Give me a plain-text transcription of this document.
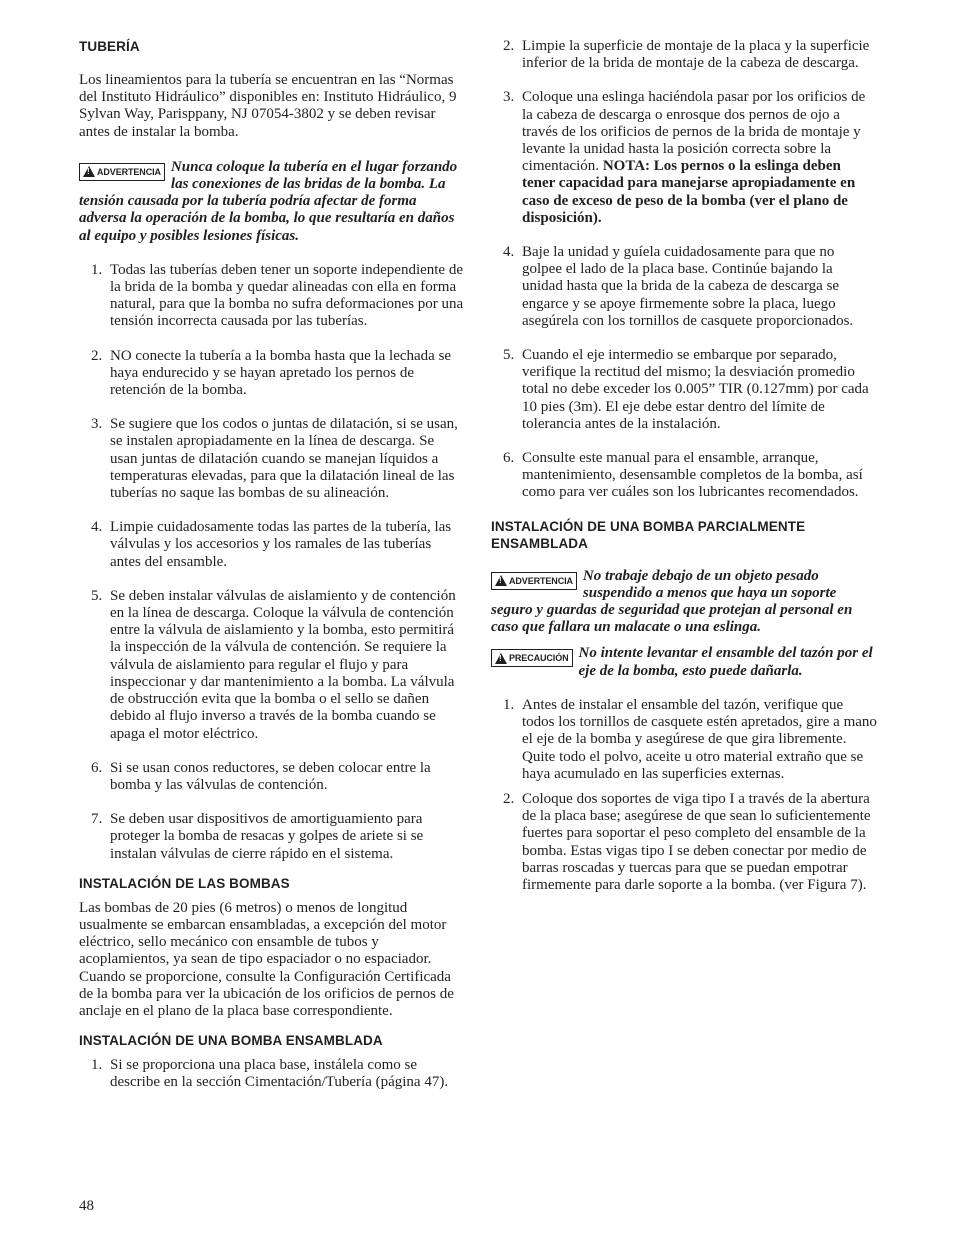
TUBERÍA

Los lineamientos para la tubería se encuentran en las “Normas del Instituto Hidráulico” disponibles en: Instituto Hidráulico, 9 Sylvan Way, Parisppany, NJ 07054-3802 y se deben revisar antes de instalar la bomba.

!
ADVERTENCIA Nunca coloque la tubería en el lugar forzando las conexiones de las bridas de la bomba. La tensión causada por la tubería podría afectar de forma adversa la operación de la bomba, lo que resultaría en daños al equipo y posibles lesiones físicas.

1. Todas las tuberías deben tener un soporte independiente de la brida de la bomba y quedar alineadas con ella en forma natural, para que la bomba no sufra deformaciones por una tensión incorrecta causada por las tuberías.
2. NO conecte la tubería a la bomba hasta que la lechada se haya endurecido y se hayan apretado los pernos de retención de la bomba.
3. Se sugiere que los codos o juntas de dilatación, si se usan, se instalen apropiadamente en la línea de descarga. Se usan juntas de dilatación cuando se manejan líquidos a temperaturas elevadas, para que la dilatación lineal de las tuberías no saque las bombas de su alineación.
4. Limpie cuidadosamente todas las partes de la tubería, las válvulas y los accesorios y los ramales de las tuberías antes del ensamble.
5. Se deben instalar válvulas de aislamiento y de contención en la línea de descarga. Coloque la válvula de contención entre la válvula de aislamiento y la bomba, esto permitirá la inspección de la válvula de contención. Se requiere la válvula de aislamiento para regular el flujo y para inspeccionar y dar mantenimiento a la bomba. La válvula de obstrucción evita que la bomba o el sello se dañen debido al flujo inverso a través de la bomba cuando se apaga el motor eléctrico.
6. Si se usan conos reductores, se deben colocar entre la bomba y las válvulas de contención.
7. Se deben usar dispositivos de amortiguamiento para proteger la bomba de resacas y golpes de ariete si se instalan válvulas de cierre rápido en el sistema.
INSTALACIÓN DE LAS BOMBAS

Las bombas de 20 pies (6 metros) o menos de longitud usualmente se embarcan ensambladas, a excepción del motor eléctrico, sello mecánico con ensamble de tubos y acoplamientos, ya sean de tipo espaciador o no espaciador. Cuando se proporcione, consulte la Configuración Certificada de la bomba para ver la ubicación de los orificios de pernos de anclaje en el plano de la placa base correspondiente.

INSTALACIÓN DE UNA BOMBA ENSAMBLADA
1. Si se proporciona una placa base, instálela como se describe en la sección Cimentación/Tubería (página 47).
2. Limpie la superficie de montaje de la placa y la superficie inferior de la brida de montaje de la cabeza de descarga.
3. Coloque una eslinga haciéndola pasar por los orificios de la cabeza de descarga o enrosque dos pernos de ojo a través de los orificios de pernos de la brida de montaje y levante la unidad hasta la posición correcta sobre la cimentación. NOTA: Los pernos o la eslinga deben tener capacidad para manejarse apropiadamente en caso de exceso de peso de la bomba (ver el plano de disposición).
4. Baje la unidad y guíela cuidadosamente para que no golpee el lado de la placa base. Continúe bajando la unidad hasta que la brida de la cabeza de descarga se engarce y se apoye firmemente sobre la placa, luego asegúrela con los tornillos de casquete proporcionados.
5. Cuando el eje intermedio se embarque por separado, verifique la rectitud del mismo; la desviación promedio total no debe exceder los 0.005” TIR (0.127mm) por cada 10 pies (3m). El eje debe estar dentro del límite de tolerancia antes de la instalación.
6. Consulte este manual para el ensamble, arranque, mantenimiento, desensamble completos de la bomba, así como para ver cuáles son los lubricantes recomendados.
INSTALACIÓN DE UNA BOMBA PARCIALMENTE ENSAMBLADA
!
ADVERTENCIA No trabaje debajo de un objeto pesado suspendido a menos que haya un soporte seguro y guardas de seguridad que protejan al personal en caso que fallara un malacate o una eslinga.

!
PRECAUCIÓN No intente levantar el ensamble del tazón por el eje de la bomba, esto puede dañarla.

1. Antes de instalar el ensamble del tazón, verifique que todos los tornillos de casquete estén apretados, gire a mano el eje de la bomba y asegúrese de que gira libremente. Quite todo el polvo, aceite u otro material extraño que se haya acumulado en las superficies externas.
2. Coloque dos soportes de viga tipo I a través de la abertura de la placa base; asegúrese de que sean lo suficientemente fuertes para soportar el peso completo del ensamble de la bomba. Estas vigas tipo I se deben conectar por medio de barras roscadas y tuercas para que se puedan empotrar firmemente para darle soporte a la bomba. (ver Figura 7).
48
